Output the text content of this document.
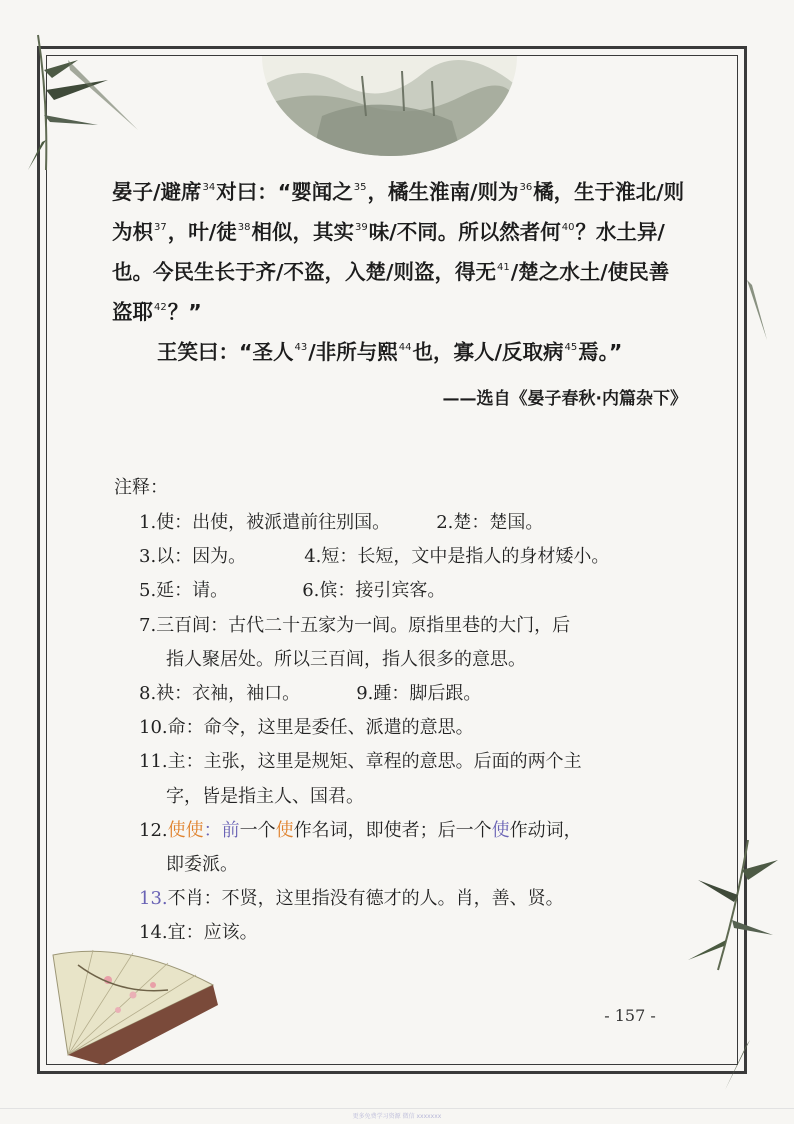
晏子/避席$^{34}$对曰：“婴闻之$^{35}$，橘生淮南/则为$^{36}$橘，生于淮北/则为枳$^{37}$，叶/徒$^{38}$相似，其实$^{39}$味/不同。所以然者何$^{40}$？水土异/也。今民生长于齐/不盗，入楚/则盗，得无$^{41}$/楚之水土/使民善盗耶$^{42}$？”

王笑曰：“圣人$^{43}$/非所与熙$^{44}$也，寡人/反取病$^{45}$焉。”

——选自《晏子春秋·内篇杂下》
注释：
1.使：出使，被派遣前往别国。	2.楚：楚国。
3.以：因为。	4.短：长短，文中是指人的身材矮小。
5.延：请。	6.傧：接引宾客。
7.三百闾：古代二十五家为一闾。原指里巷的大门，后
指人聚居处。所以三百闾，指人很多的意思。
8.袂：衣袖，袖口。	9.踵：脚后跟。
10.命：命令，这里是委任、派遣的意思。
11.主：主张，这里是规矩、章程的意思。后面的两个主
字，皆是指主人、国君。
12.使使：前一个使作名词，即使者；后一个使作动词，
即委派。
13.不肖：不贤，这里指没有德才的人。肖，善、贤。
14.宜：应该。
- 157 -
更多免费学习资源 微信 xxxxxxx
